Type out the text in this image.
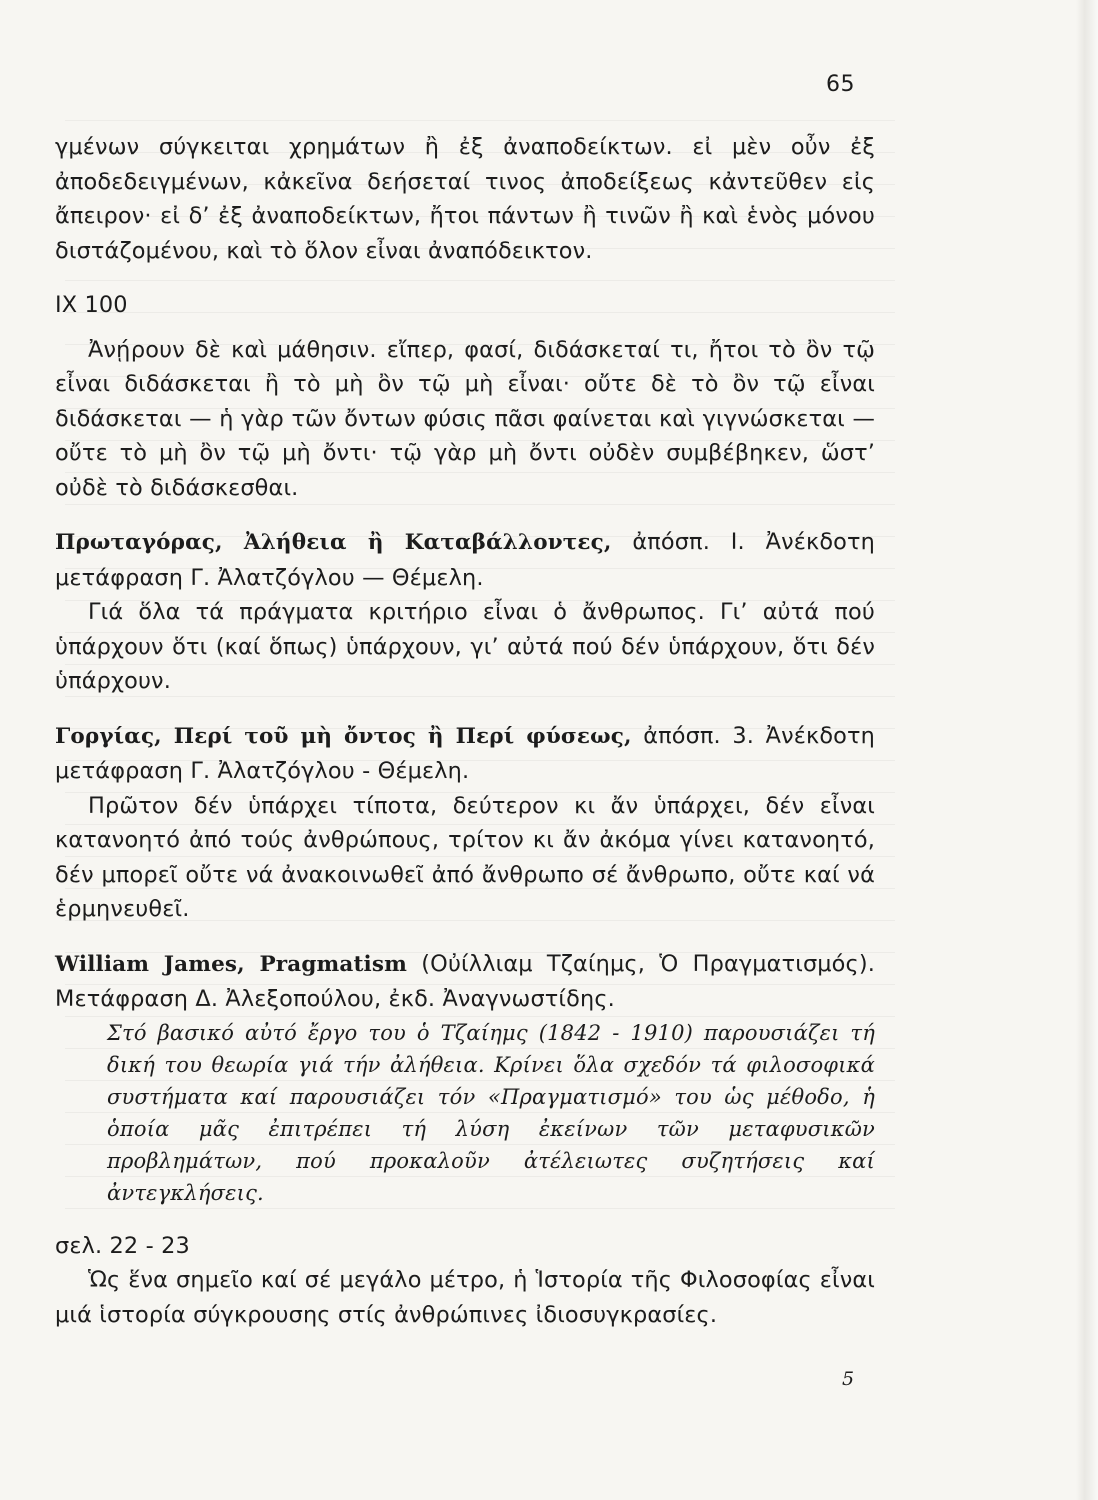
65

γμένων σύγκειται χρημάτων ἢ ἐξ ἀναποδείκτων. εἰ μὲν οὖν ἐξ ἀποδεδειγμένων, κἀκεῖνα δεήσεταί τινος ἀποδείξεως κἀντεῦθεν εἰς ἄπειρον· εἰ δ’ ἐξ ἀναποδείκτων, ἤτοι πάντων ἢ τινῶν ἢ καὶ ἑνὸς μόνου διστάζομένου, καὶ τὸ ὅλον εἶναι ἀναπόδεικτον.

IX 100

Ἀνῄρουν δὲ καὶ μάθησιν. εἴπερ, φασί, διδάσκεταί τι, ἤτοι τὸ ὂν τῷ εἶναι διδάσκεται ἢ τὸ μὴ ὂν τῷ μὴ εἶναι· οὔτε δὲ τὸ ὂν τῷ εἶναι διδάσκεται — ἡ γὰρ τῶν ὄντων φύσις πᾶσι φαίνεται καὶ γιγνώσκεται — οὔτε τὸ μὴ ὂν τῷ μὴ ὄντι· τῷ γὰρ μὴ ὄντι οὐδὲν συμβέβηκεν, ὥστ’ οὐδὲ τὸ διδάσκεσθαι.

Πρωταγόρας, Ἀλήθεια ἢ Καταβάλλοντες, ἀπόσπ. Ι. Ἀνέκδοτη μετάφραση Γ. Ἀλατζόγλου — Θέμελη.

Γιά ὅλα τά πράγματα κριτήριο εἶναι ὁ ἄνθρωπος. Γι’ αὐτά πού ὑπάρχουν ὅτι (καί ὅπως) ὑπάρχουν, γι’ αὐτά πού δέν ὑπάρχουν, ὅτι δέν ὑπάρχουν.

Γοργίας, Περί τοῦ μὴ ὄντος ἢ Περί φύσεως, ἀπόσπ. 3. Ἀνέκδοτη μετάφραση Γ. Ἀλατζόγλου - Θέμελη.

Πρῶτον δέν ὑπάρχει τίποτα, δεύτερον κι ἄν ὑπάρχει, δέν εἶναι κατανοητό ἀπό τούς ἀνθρώπους, τρίτον κι ἄν ἀκόμα γίνει κατανοητό, δέν μπορεῖ οὔτε νά ἀνακοινωθεῖ ἀπό ἄνθρωπο σέ ἄνθρωπο, οὔτε καί νά ἑρμηνευθεῖ.

William James, Pragmatism (Οὐίλλιαμ Τζαίημς, Ὁ Πραγματισμός). Μετάφραση Δ. Ἀλεξοπούλου, ἐκδ. Ἀναγνωστίδης.

Στό βασικό αὐτό ἔργο του ὁ Τζαίημς (1842 - 1910) παρουσιάζει τή δική του θεωρία γιά τήν ἀλήθεια. Κρίνει ὅλα σχεδόν τά φιλοσοφικά συστήματα καί παρουσιάζει τόν «Πραγματισμό» του ὡς μέθοδο, ἡ ὁποία μᾶς ἐπιτρέπει τή λύση ἐκείνων τῶν μεταφυσικῶν προβλημάτων, πού προκαλοῦν ἀτέλειωτες συζητήσεις καί ἀντεγκλήσεις.

σελ. 22 - 23

Ὡς ἕνα σημεῖο καί σέ μεγάλο μέτρο, ἡ Ἱστορία τῆς Φιλοσοφίας εἶναι μιά ἱστορία σύγκρουσης στίς ἀνθρώπινες ἰδιοσυγκρασίες.

5
